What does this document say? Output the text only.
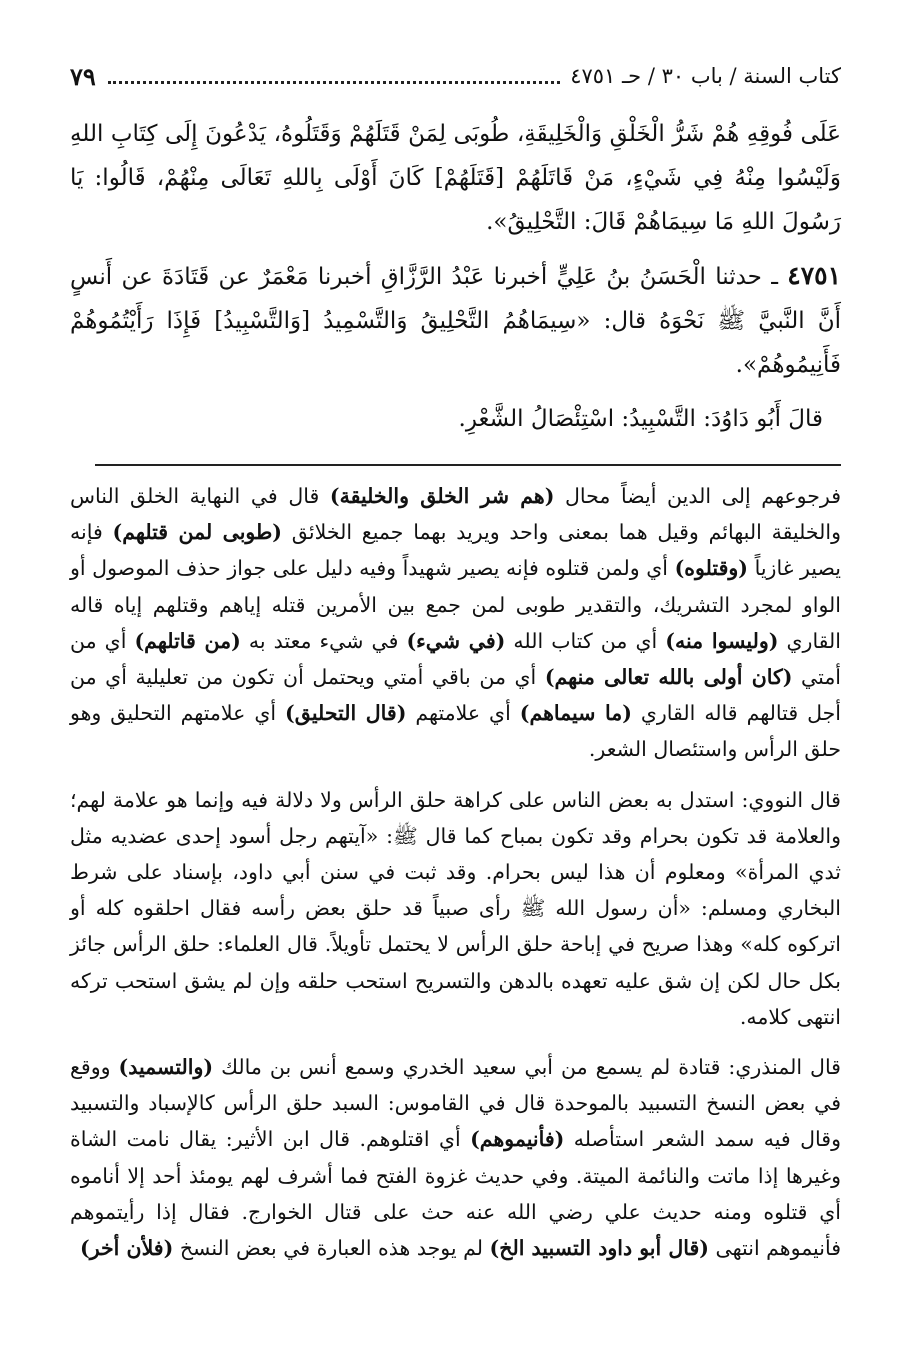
٧٩	كتاب السنة / باب ٣٠ / حـ ٤٧٥١

عَلَى فُوقِهِ هُمْ شَرُّ الْخَلْقِ وَالْخَلِيقَةِ، طُوبَى لِمَنْ قَتَلَهُمْ وَقَتَلُوهُ، يَدْعُونَ إِلَى كِتَابِ اللهِ وَلَيْسُوا مِنْهُ فِي شَيْءٍ، مَنْ قَاتَلَهُمْ [قَتَلَهُمْ] كَانَ أَوْلَى بِاللهِ تَعَالَى مِنْهُمْ، قَالُوا: يَا رَسُولَ اللهِ مَا سِيمَاهُمْ قَالَ: التَّحْلِيقُ».

٤٧٥١ ـ حدثنا الْحَسَنُ بنُ عَلِيٍّ أخبرنا عَبْدُ الرَّزَّاقِ أخبرنا مَعْمَرٌ عن قَتَادَةَ عن أَنسٍ أَنَّ النَّبيَّ ﷺ نَحْوَهُ قال: «سِيمَاهُمُ التَّحْلِيقُ وَالتَّسْمِيدُ [وَالتَّسْبِيدُ] فَإِذَا رَأَيْتُمُوهُمْ فَأَنِيمُوهُمْ».

قالَ أَبُو دَاوُدَ: التَّسْبِيدُ: اسْتِئْصَالُ الشَّعْرِ.

فرجوعهم إلى الدين أيضاً محال (هم شر الخلق والخليقة) قال في النهاية الخلق الناس والخليقة البهائم وقيل هما بمعنى واحد ويريد بهما جميع الخلائق (طوبى لمن قتلهم) فإنه يصير غازياً (وقتلوه) أي ولمن قتلوه فإنه يصير شهيداً وفيه دليل على جواز حذف الموصول أو الواو لمجرد التشريك، والتقدير طوبى لمن جمع بين الأمرين قتله إياهم وقتلهم إياه قاله القاري (وليسوا منه) أي من كتاب الله (في شيء) في شيء معتد به (من قاتلهم) أي من أمتي (كان أولى بالله تعالى منهم) أي من باقي أمتي ويحتمل أن تكون من تعليلية أي من أجل قتالهم قاله القاري (ما سيماهم) أي علامتهم (قال التحليق) أي علامتهم التحليق وهو حلق الرأس واستئصال الشعر.

قال النووي: استدل به بعض الناس على كراهة حلق الرأس ولا دلالة فيه وإنما هو علامة لهم؛ والعلامة قد تكون بحرام وقد تكون بمباح كما قال ﷺ: «آيتهم رجل أسود إحدى عضديه مثل ثدي المرأة» ومعلوم أن هذا ليس بحرام. وقد ثبت في سنن أبي داود، بإسناد على شرط البخاري ومسلم: «أن رسول الله ﷺ رأى صبياً قد حلق بعض رأسه فقال احلقوه كله أو اتركوه كله» وهذا صريح في إباحة حلق الرأس لا يحتمل تأويلاً. قال العلماء: حلق الرأس جائز بكل حال لكن إن شق عليه تعهده بالدهن والتسريح استحب حلقه وإن لم يشق استحب تركه انتهى كلامه.

قال المنذري: قتادة لم يسمع من أبي سعيد الخدري وسمع أنس بن مالك (والتسميد) ووقع في بعض النسخ التسبيد بالموحدة قال في القاموس: السبد حلق الرأس كالإسباد والتسبيد وقال فيه سمد الشعر استأصله (فأنيموهم) أي اقتلوهم. قال ابن الأثير: يقال نامت الشاة وغيرها إذا ماتت والنائمة الميتة. وفي حديث غزوة الفتح فما أشرف لهم يومئذ أحد إلا أناموه أي قتلوه ومنه حديث علي رضي الله عنه حث على قتال الخوارج. فقال إذا رأيتموهم فأنيموهم انتهى (قال أبو داود التسبيد الخ) لم يوجد هذه العبارة في بعض النسخ (فلأن أخر)
